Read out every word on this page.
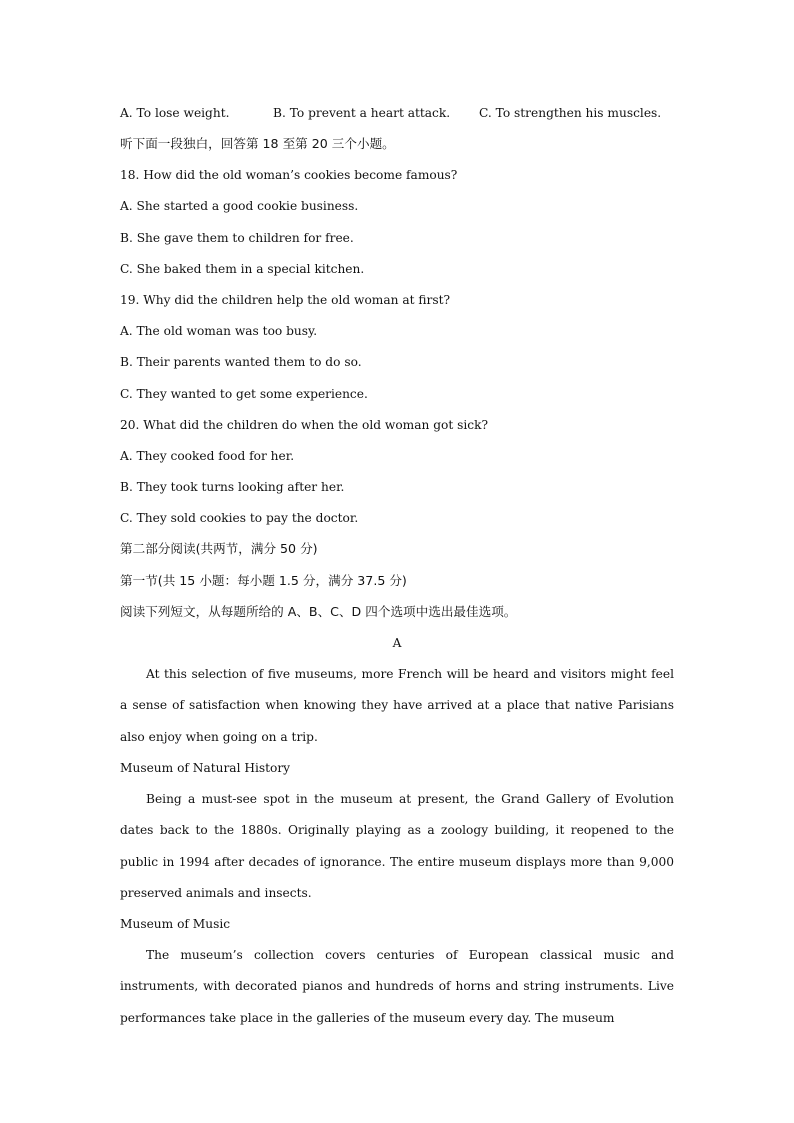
A. To lose weight.	B. To prevent a heart attack. C. To strengthen his muscles.
听下面一段独白，回答第 18 至第 20 三个小题。
18. How did the old woman’s cookies become famous?
A. She started a good cookie business.
B. She gave them to children for free.
C. She baked them in a special kitchen.
19. Why did the children help the old woman at first?
A. The old woman was too busy.
B. Their parents wanted them to do so.
C. They wanted to get some experience.
20. What did the children do when the old woman got sick?
A. They cooked food for her.
B. They took turns looking after her.
C. They sold cookies to pay the doctor.
第二部分阅读(共两节，满分 50 分)
第一节(共 15 小题：每小题 1.5 分，满分 37.5 分)
阅读下列短文，从每题所给的 A、B、C、D 四个选项中选出最佳选项。
A
At this selection of five museums, more French will be heard and visitors might feel a sense of satisfaction when knowing they have arrived at a place that native Parisians also enjoy when going on a trip.
Museum of Natural History
Being a must-see spot in the museum at present, the Grand Gallery of Evolution dates back to the 1880s. Originally playing as a zoology building, it reopened to the public in 1994 after decades of ignorance. The entire museum displays more than 9,000 preserved animals and insects.
Museum of Music
The museum’s collection covers centuries of European classical music and instruments, with decorated pianos and hundreds of horns and string instruments. Live performances take place in the galleries of the museum every day. The museum
